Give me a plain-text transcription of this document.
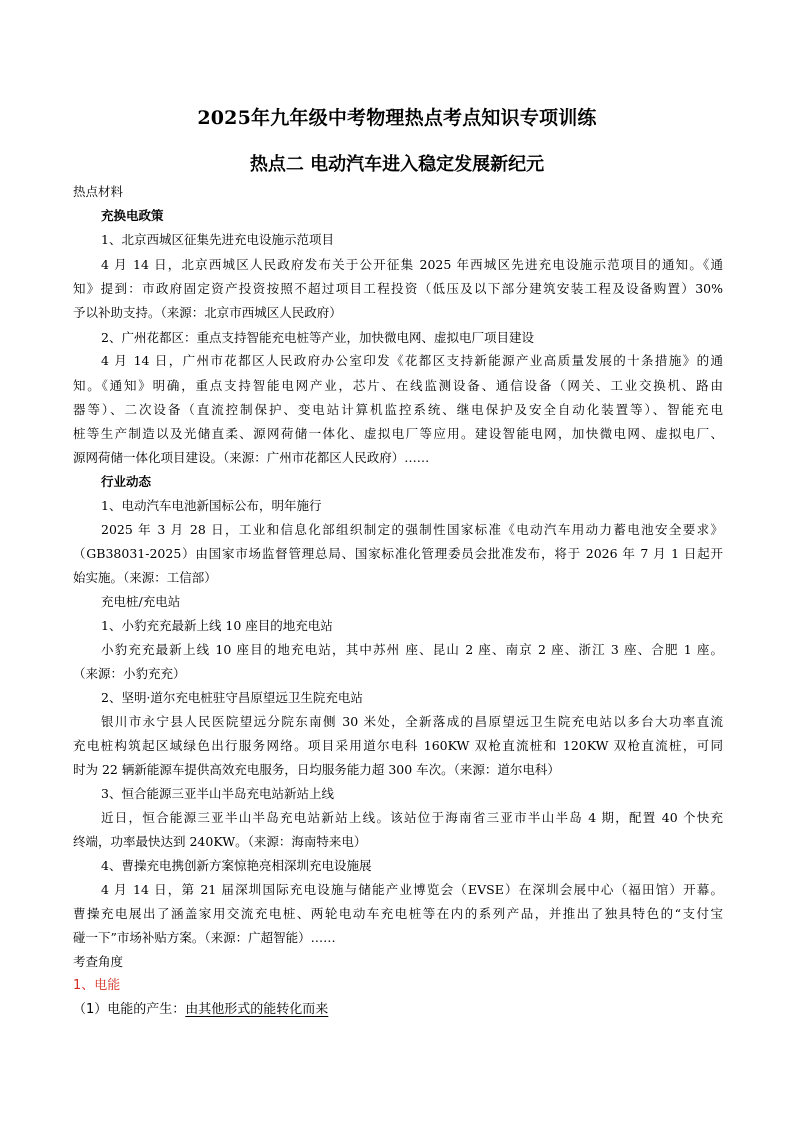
2025年九年级中考物理热点考点知识专项训练
热点二 电动汽车进入稳定发展新纪元
热点材料
充换电政策
1、北京西城区征集先进充电设施示范项目
4 月 14 日，北京西城区人民政府发布关于公开征集 2025 年西城区先进充电设施示范项目的通知。《通
知》提到：市政府固定资产投资按照不超过项目工程投资（低压及以下部分建筑安装工程及设备购置）30%
予以补助支持。（来源：北京市西城区人民政府）
2、广州花都区：重点支持智能充电桩等产业，加快微电网、虚拟电厂项目建设
4 月 14 日，广州市花都区人民政府办公室印发《花都区支持新能源产业高质量发展的十条措施》的通
知。《通知》明确，重点支持智能电网产业，芯片、在线监测设备、通信设备（网关、工业交换机、路由
器等）、二次设备（直流控制保护、变电站计算机监控系统、继电保护及安全自动化装置等）、智能充电
桩等生产制造以及光储直柔、源网荷储一体化、虚拟电厂等应用。建设智能电网，加快微电网、虚拟电厂、
源网荷储一体化项目建设。（来源：广州市花都区人民政府）……
行业动态
1、电动汽车电池新国标公布，明年施行
2025 年 3 月 28 日，工业和信息化部组织制定的强制性国家标准《电动汽车用动力蓄电池安全要求》
（GB38031-2025）由国家市场监督管理总局、国家标准化管理委员会批准发布，将于 2026 年 7 月 1 日起开
始实施。（来源：工信部）
充电桩/充电站
1、小豹充充最新上线 10 座目的地充电站
小豹充充最新上线 10 座目的地充电站，其中苏州 座、昆山 2 座、南京 2 座、浙江 3 座、合肥 1 座。
（来源：小豹充充）
2、坚明·道尔充电桩驻守昌原望远卫生院充电站
银川市永宁县人民医院望远分院东南侧 30 米处，全新落成的昌原望远卫生院充电站以多台大功率直流
充电桩构筑起区域绿色出行服务网络。项目采用道尔电科 160KW 双枪直流桩和 120KW 双枪直流桩，可同
时为 22 辆新能源车提供高效充电服务，日均服务能力超 300 车次。（来源：道尔电科）
3、恒合能源三亚半山半岛充电站新站上线
近日，恒合能源三亚半山半岛充电站新站上线。该站位于海南省三亚市半山半岛 4 期，配置 40 个快充
终端，功率最快达到 240KW。（来源：海南特来电）
4、曹操充电携创新方案惊艳亮相深圳充电设施展
4 月 14 日，第 21 届深圳国际充电设施与储能产业博览会（EVSE）在深圳会展中心（福田馆）开幕。
曹操充电展出了涵盖家用交流充电桩、两轮电动车充电桩等在内的系列产品，并推出了独具特色的“支付宝
碰一下”市场补贴方案。（来源：广超智能）……
考查角度
1、电能
（1）电能的产生：由其他形式的能转化而来
